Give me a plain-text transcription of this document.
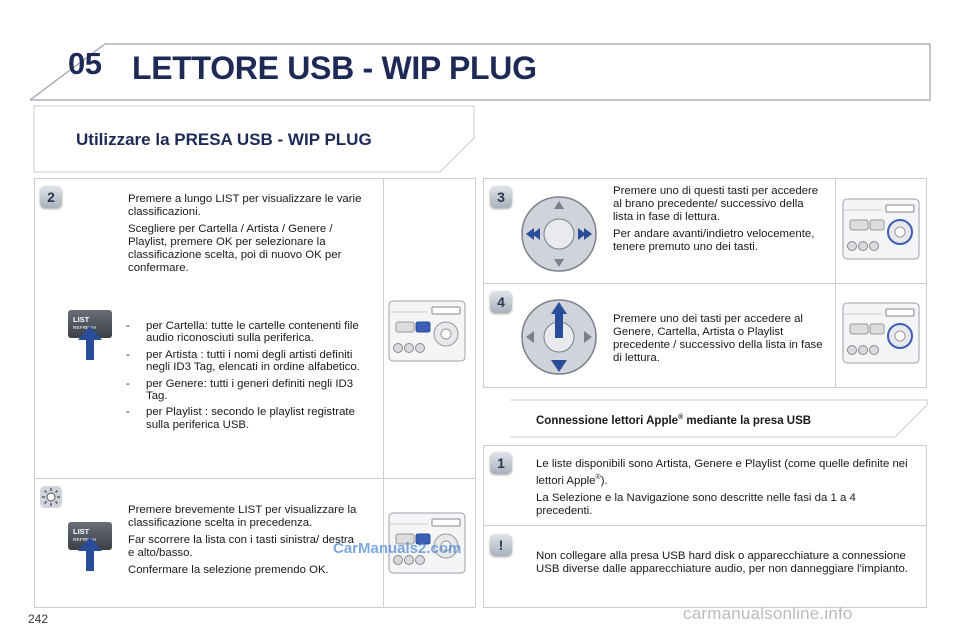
05 LETTORE USB - WIP PLUG
Utilizzare la PRESA USB - WIP PLUG
2	Premere a lungo LIST per visualizzare le varie classificazioni.

Scegliere per Cartella / Artista / Genere / Playlist, premere OK per selezionare la classificazione scelta, poi di nuovo OK per confermare.

- per Cartella: tutte le cartelle contenenti file audio riconosciuti sulla periferica.
- per Artista : tutti i nomi degli artisti definiti negli ID3 Tag, elencati in ordine alfabetico.
- per Genere: tutti i generi definiti negli ID3 Tag.
- per Playlist : secondo le playlist registrate sulla periferica USB.
LIST
REFRESH

Premere brevemente LIST per visualizzare la classificazione scelta in precedenza.

Far scorrere la lista con i tasti sinistra/ destra e alto/basso.

Confermare la selezione premendo OK.

LIST
REFRESH	CarManuals2.com
3	Premere uno di questi tasti per accedere al brano precedente/ successivo della lista in fase di lettura.

Per andare avanti/indietro velocemente, tenere premuto uno dei tasti.

4

Premere uno dei tasti per accedere al Genere, Cartella, Artista o Playlist precedente / successivo della lista in fase di lettura.

Connessione lettori Apple® mediante la presa USB
1	Le liste disponibili sono Artista, Genere e Playlist (come quelle definite nei lettori Apple®).

La Selezione e la Navigazione sono descritte nelle fasi da 1 a 4 precedenti.

!
Non collegare alla presa USB hard disk o apparecchiature a connessione USB diverse dalle apparecchiature audio, per non danneggiare l'impianto.
242	carmanualsonline.info
